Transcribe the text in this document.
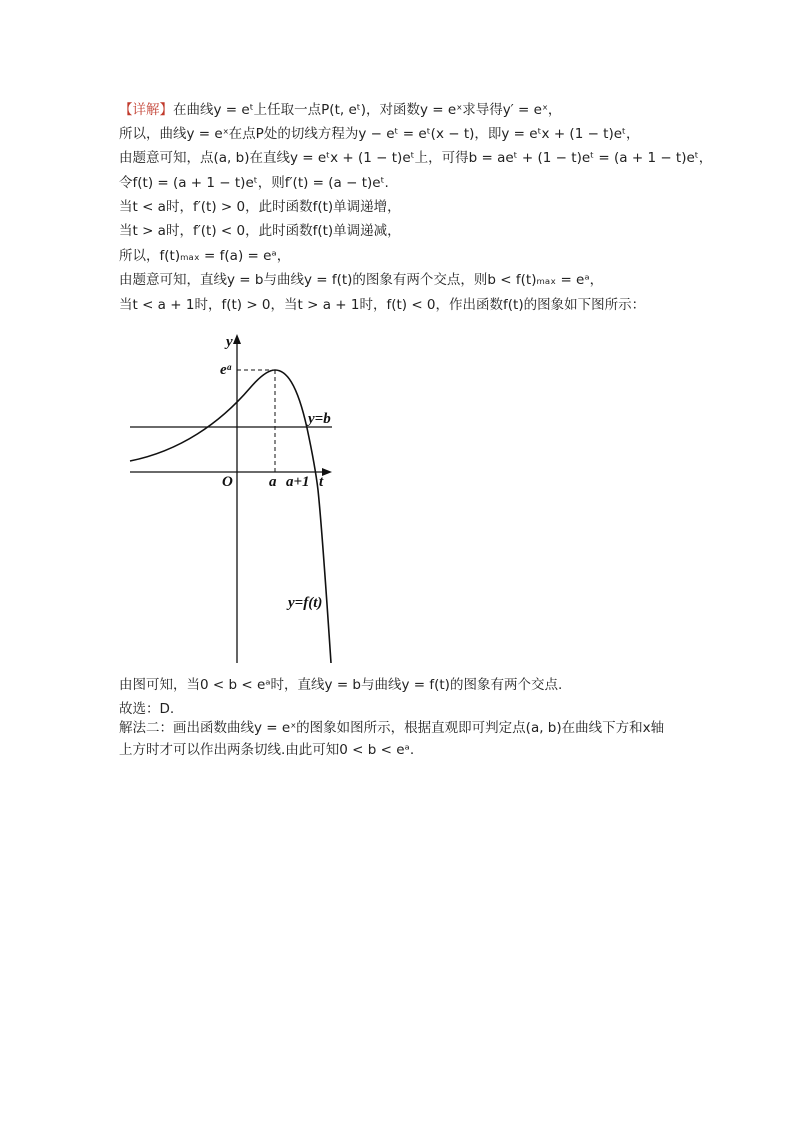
【详解】在曲线y = eᵗ上任取一点P(t, eᵗ)，对函数y = eˣ求导得y′ = eˣ，
所以，曲线y = eˣ在点P处的切线方程为y − eᵗ = eᵗ(x − t)，即y = eᵗx + (1 − t)eᵗ，
由题意可知，点(a, b)在直线y = eᵗx + (1 − t)eᵗ上，可得b = aeᵗ + (1 − t)eᵗ = (a + 1 − t)eᵗ，
令f(t) = (a + 1 − t)eᵗ，则f′(t) = (a − t)eᵗ.
当t < a时，f′(t) > 0，此时函数f(t)单调递增，
当t > a时，f′(t) < 0，此时函数f(t)单调递减，
所以，f(t)ₘₐₓ = f(a) = eᵃ，
由题意可知，直线y = b与曲线y = f(t)的图象有两个交点，则b < f(t)ₘₐₓ = eᵃ，
当t < a + 1时，f(t) > 0，当t > a + 1时，f(t) < 0，作出函数f(t)的图象如下图所示：
y
t
O
eᵃ
a a+1
y=b
y=f(t)
由图可知，当0 < b < eᵃ时，直线y = b与曲线y = f(t)的图象有两个交点.
故选：D.
解法二：画出函数曲线y = eˣ的图象如图所示，根据直观即可判定点(a, b)在曲线下方和x轴
上方时才可以作出两条切线.由此可知0 < b < eᵃ.
